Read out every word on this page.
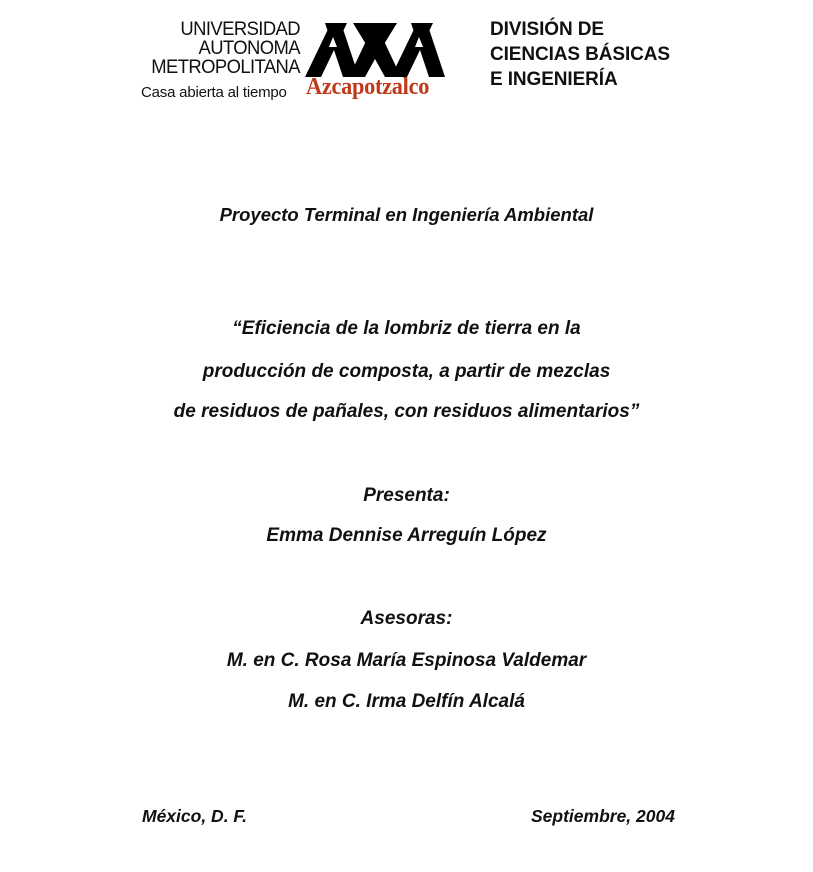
UNIVERSIDAD
AUTONOMA
METROPOLITANA
Casa abierta al tiempo Azcapotzalco
DIVISIÓN DE
CIENCIAS BÁSICAS
E INGENIERÍA
Proyecto Terminal en Ingeniería Ambiental
“Eficiencia de la lombriz de tierra en la
producción de composta, a partir de mezclas
de residuos de pañales, con residuos alimentarios”
Presenta:
Emma Dennise Arreguín López
Asesoras:
M. en C. Rosa María Espinosa Valdemar
M. en C. Irma Delfín Alcalá
México, D. F.	Septiembre, 2004
